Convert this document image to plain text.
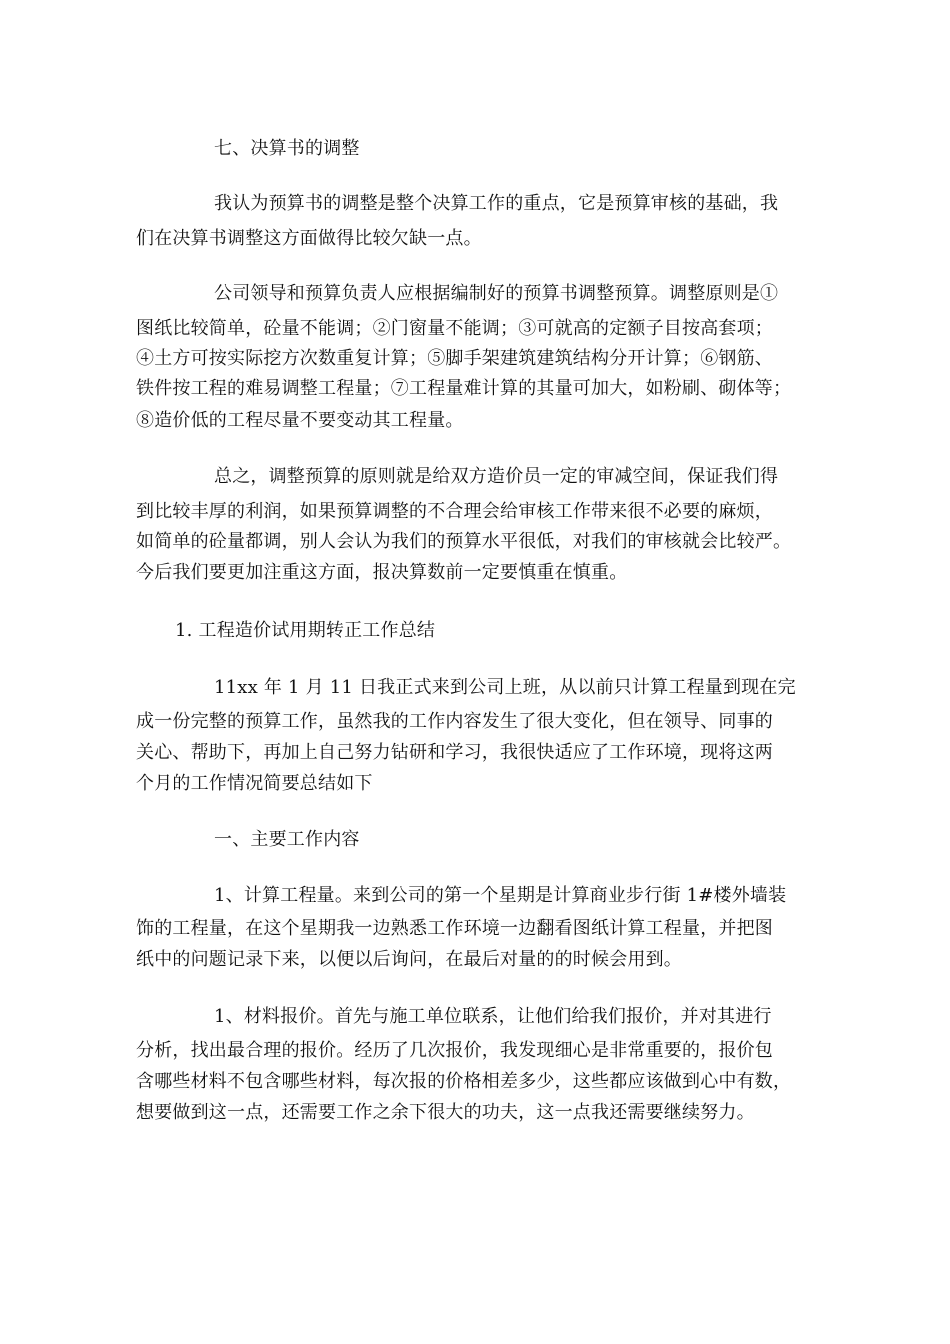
七、决算书的调整
我认为预算书的调整是整个决算工作的重点，它是预算审核的基础，我
们在决算书调整这方面做得比较欠缺一点。
公司领导和预算负责人应根据编制好的预算书调整预算。调整原则是①
图纸比较简单，砼量不能调；②门窗量不能调；③可就高的定额子目按高套项；
④土方可按实际挖方次数重复计算；⑤脚手架建筑建筑结构分开计算；⑥钢筋、
铁件按工程的难易调整工程量；⑦工程量难计算的其量可加大，如粉刷、砌体等；
⑧造价低的工程尽量不要变动其工程量。
总之，调整预算的原则就是给双方造价员一定的审减空间，保证我们得
到比较丰厚的利润，如果预算调整的不合理会给审核工作带来很不必要的麻烦，
如简单的砼量都调，别人会认为我们的预算水平很低，对我们的审核就会比较严。
今后我们要更加注重这方面，报决算数前一定要慎重在慎重。
1. 工程造价试用期转正工作总结
11xx 年 1 月 11 日我正式来到公司上班，从以前只计算工程量到现在完
成一份完整的预算工作，虽然我的工作内容发生了很大变化，但在领导、同事的
关心、帮助下，再加上自己努力钻研和学习，我很快适应了工作环境，现将这两
个月的工作情况简要总结如下
一、主要工作内容
1、计算工程量。来到公司的第一个星期是计算商业步行街 1#楼外墙装
饰的工程量，在这个星期我一边熟悉工作环境一边翻看图纸计算工程量，并把图
纸中的问题记录下来，以便以后询问，在最后对量的的时候会用到。
1、材料报价。首先与施工单位联系，让他们给我们报价，并对其进行
分析，找出最合理的报价。经历了几次报价，我发现细心是非常重要的，报价包
含哪些材料不包含哪些材料，每次报的价格相差多少，这些都应该做到心中有数，
想要做到这一点，还需要工作之余下很大的功夫，这一点我还需要继续努力。
